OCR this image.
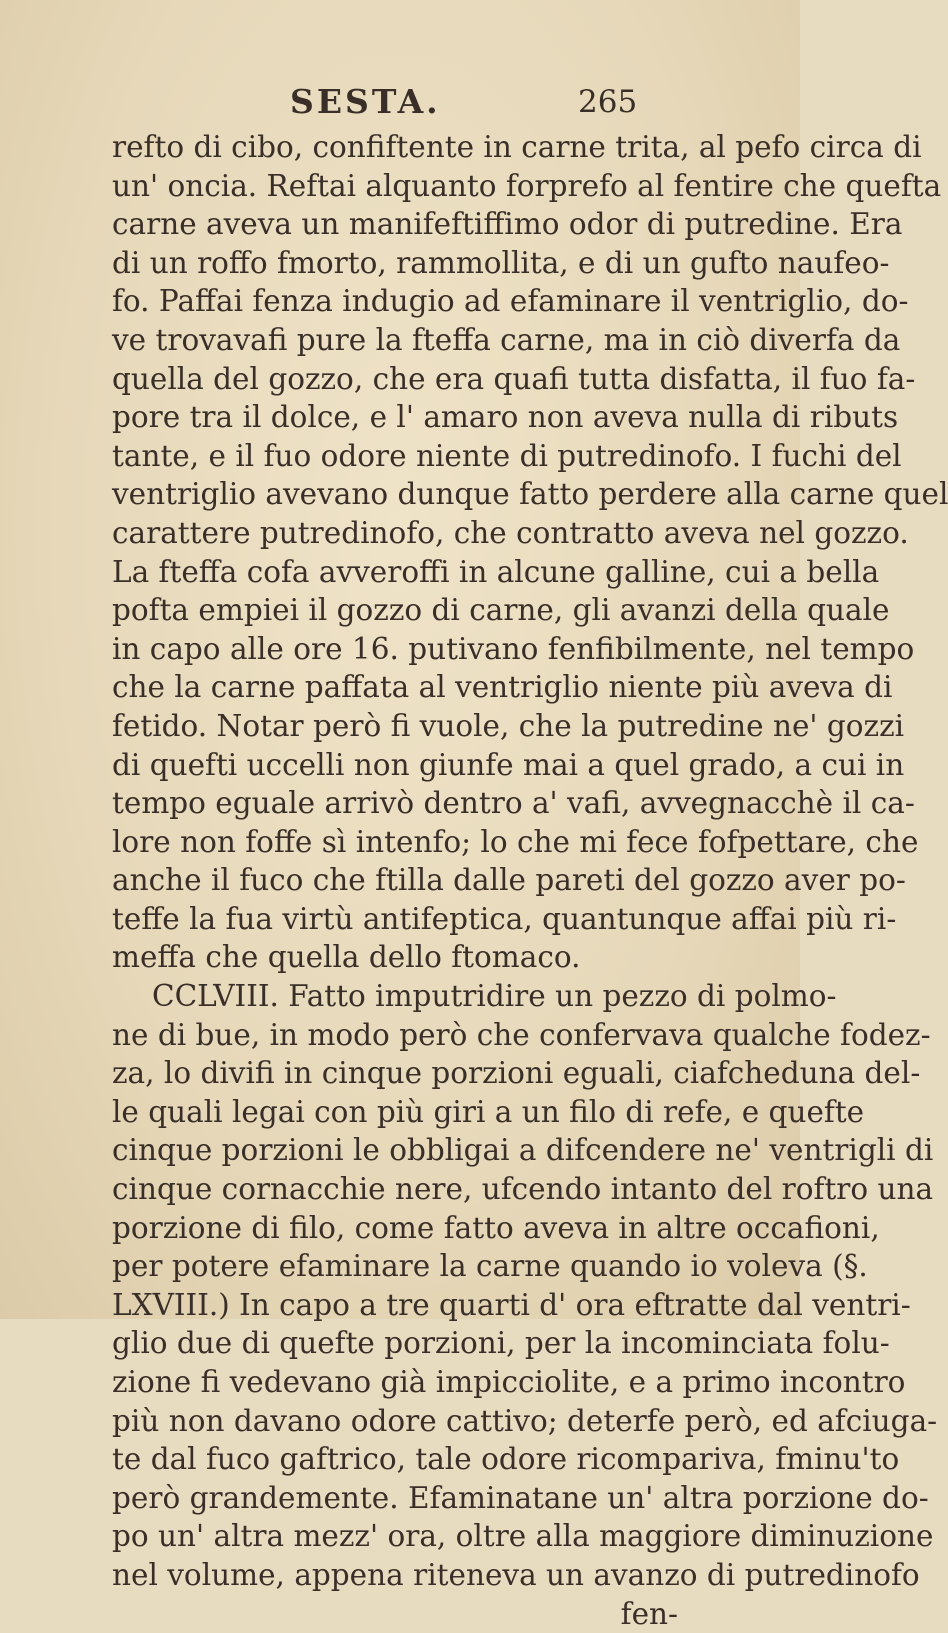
SESTA.	265
refto di cibo, confiftente in carne trita, al pefo circa di
un' oncia. Reftai alquanto forprefo al fentire che quefta
carne aveva un manifeftiffimo odor di putredine. Era
di un roffo fmorto, rammollita, e di un gufto naufeo-
fo. Paffai fenza indugio ad efaminare il ventriglio, do-
ve trovavafi pure la fteffa carne, ma in ciò diverfa da
quella del gozzo, che era quafi tutta disfatta, il fuo fa-
pore tra il dolce, e l' amaro non aveva nulla di ributs
tante, e il fuo odore niente di putredinofo. I fuchi del
ventriglio avevano dunque fatto perdere alla carne quel
carattere putredinofo, che contratto aveva nel gozzo.
La fteffa cofa avveroffi in alcune galline, cui a bella
pofta empiei il gozzo di carne, gli avanzi della quale
in capo alle ore 16. putivano fenfibilmente, nel tempo
che la carne paffata al ventriglio niente più aveva di
fetido. Notar però fi vuole, che la putredine ne' gozzi
di quefti uccelli non giunfe mai a quel grado, a cui in
tempo eguale arrivò dentro a' vafi, avvegnacchè il ca-
lore non foffe sì intenfo; lo che mi fece fofpettare, che
anche il fuco che ftilla dalle pareti del gozzo aver po-
teffe la fua virtù antifeptica, quantunque affai più ri-
meffa che quella dello ftomaco.
CCLVIII. Fatto imputridire un pezzo di polmo-
ne di bue, in modo però che confervava qualche fodez-
za, lo divifi in cinque porzioni eguali, ciafcheduna del-
le quali legai con più giri a un filo di refe, e quefte
cinque porzioni le obbligai a difcendere ne' ventrigli di
cinque cornacchie nere, ufcendo intanto del roftro una
porzione di filo, come fatto aveva in altre occafioni,
per potere efaminare la carne quando io voleva (§.
LXVIII.) In capo a tre quarti d' ora eftratte dal ventri-
glio due di quefte porzioni, per la incominciata folu-
zione fi vedevano già impicciolite, e a primo incontro
più non davano odore cattivo; deterfe però, ed afciuga-
te dal fuco gaftrico, tale odore ricompariva, fminu'to
però grandemente. Efaminatane un' altra porzione do-
po un' altra mezz' ora, oltre alla maggiore diminuzione
nel volume, appena riteneva un avanzo di putredinofo
fen-
